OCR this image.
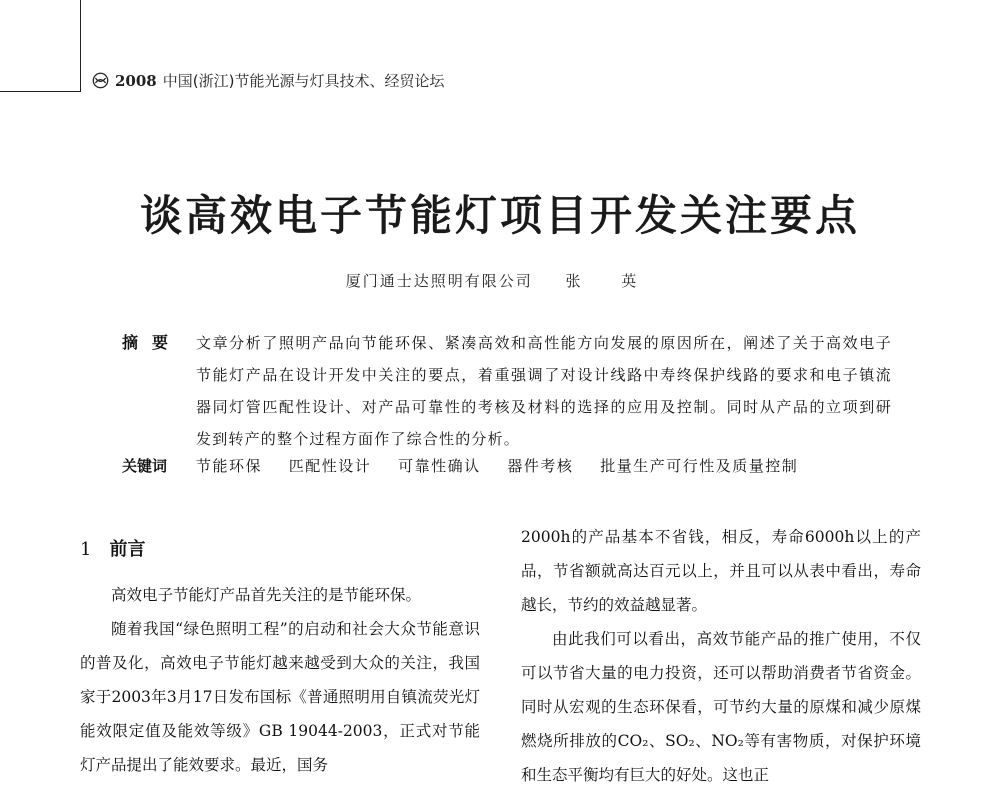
2008 中国(浙江)节能光源与灯具技术、经贸论坛
谈高效电子节能灯项目开发关注要点
厦门通士达照明有限公司 张 英
摘要 文章分析了照明产品向节能环保、紧凑高效和高性能方向发展的原因所在，阐述了关于高效电子节能灯产品在设计开发中关注的要点，着重强调了对设计线路中寿终保护线路的要求和电子镇流器同灯管匹配性设计、对产品可靠性的考核及材料的选择的应用及控制。同时从产品的立项到研发到转产的整个过程方面作了综合性的分析。
关键词	节能环保 匹配性设计 可靠性确认 器件考核 批量生产可行性及质量控制
1 前言

高效电子节能灯产品首先关注的是节能环保。

随着我国“绿色照明工程”的启动和社会大众节能意识的普及化，高效电子节能灯越来越受到大众的关注，我国家于2003年3月17日发布国标《普通照明用自镇流荧光灯能效限定值及能效等级》GB 19044-2003，正式对节能灯产品提出了能效要求。最近，国务

2000h的产品基本不省钱，相反，寿命6000h以上的产品，节省额就高达百元以上，并且可以从表中看出，寿命越长，节约的效益越显著。

由此我们可以看出，高效节能产品的推广使用，不仅可以节省大量的电力投资，还可以帮助消费者节省资金。同时从宏观的生态环保看，可节约大量的原煤和减少原煤燃烧所排放的CO₂、SO₂、NO₂等有害物质，对保护环境和生态平衡均有巨大的好处。这也正
